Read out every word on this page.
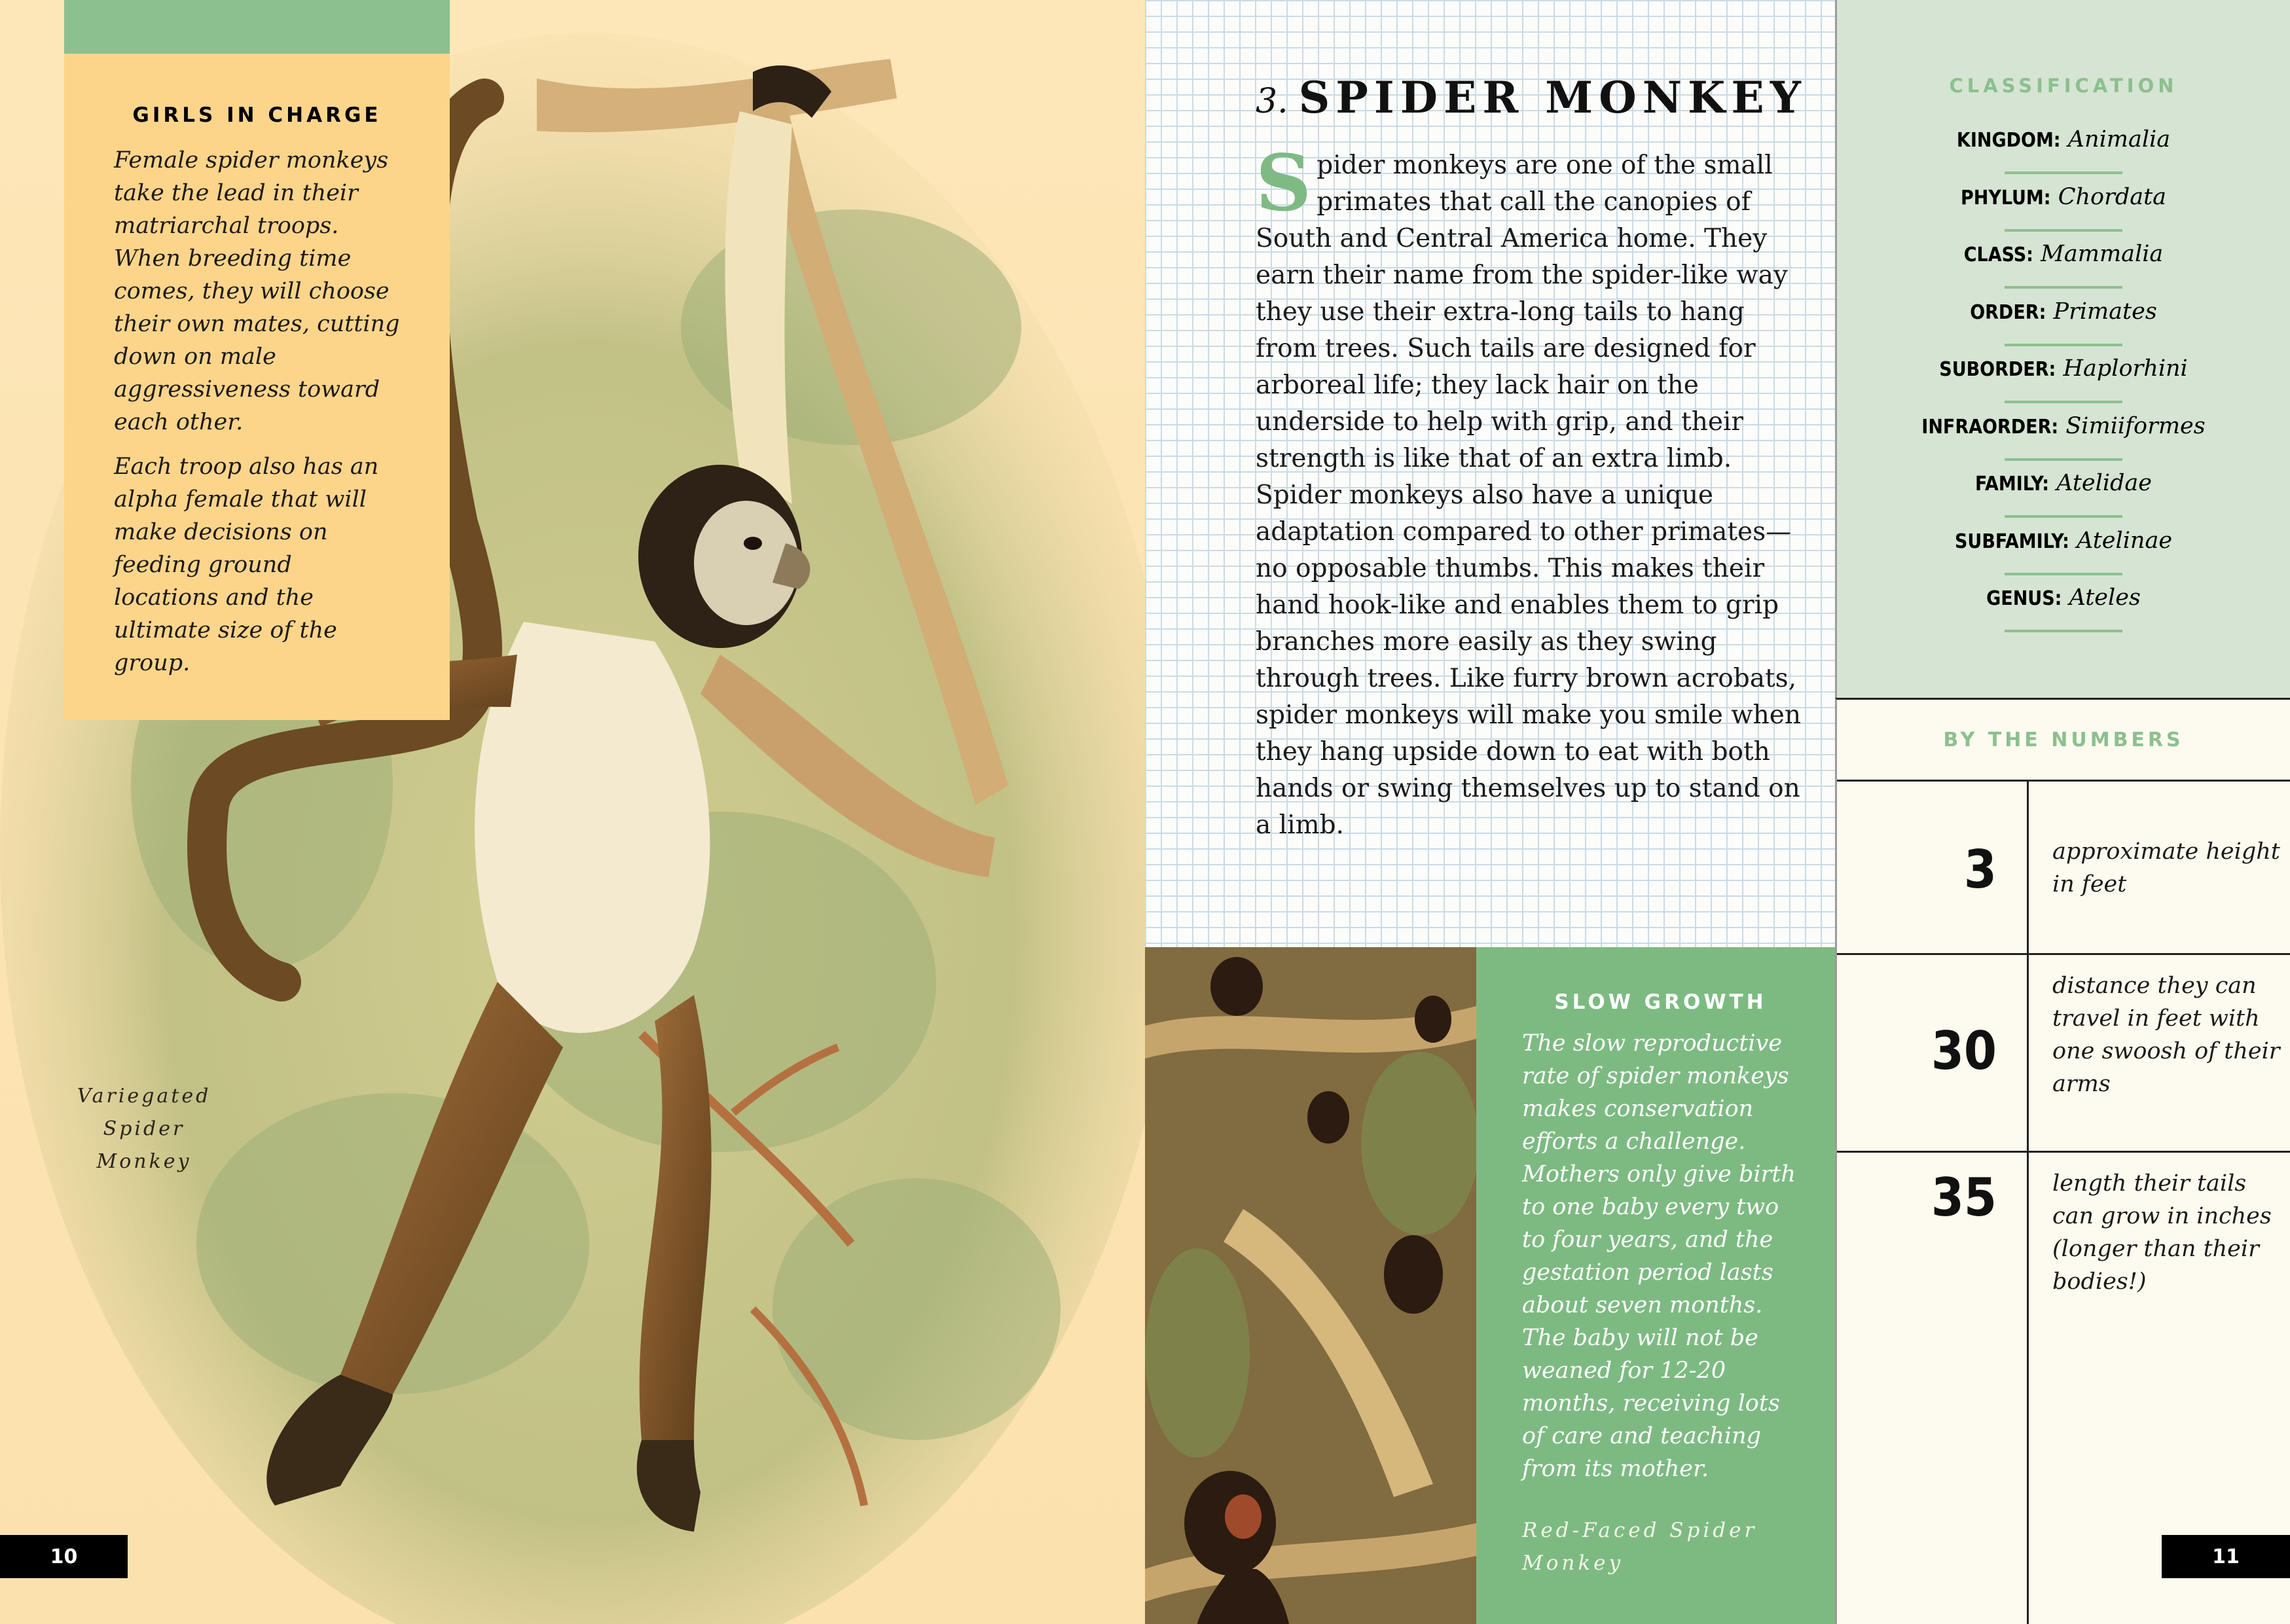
GIRLS IN CHARGE

Female spider monkeys take the lead in their matriarchal troops. When breeding time comes, they will choose their own mates, cutting down on male aggressiveness toward each other.

Each troop also has an alpha female that will make decisions on feeding ground locations and the ultimate size of the group.

Variegated
Spider
Monkey
10
3. SPIDER MONKEY

Spider monkeys are one of the small primates that call the canopies of South and Central America home. They earn their name from the spider-like way they use their extra-long tails to hang from trees. Such tails are designed for arboreal life; they lack hair on the underside to help with grip, and their strength is like that of an extra limb. Spider monkeys also have a unique adaptation compared to other primates—no opposable thumbs. This makes their hand hook-like and enables them to grip branches more easily as they swing through trees. Like furry brown acrobats, spider monkeys will make you smile when they hang upside down to eat with both hands or swing themselves up to stand on a limb.

SLOW GROWTH

The slow reproductive rate of spider monkeys makes conservation efforts a challenge. Mothers only give birth to one baby every two to four years, and the gestation period lasts about seven months. The baby will not be weaned for 12-20 months, receiving lots of care and teaching from its mother.

Red-Faced Spider Monkey
CLASSIFICATION
KINGDOM: Animalia
PHYLUM: Chordata
CLASS: Mammalia
ORDER: Primates
SUBORDER: Haplorhini
INFRAORDER: Simiiformes
FAMILY: Atelidae
SUBFAMILY: Atelinae
GENUS: Ateles
BY THE NUMBERS
3	approximate height in feet
30
distance they can travel in feet with one swoosh of their arms
35	length their tails can grow in inches (longer than their bodies!)
11
